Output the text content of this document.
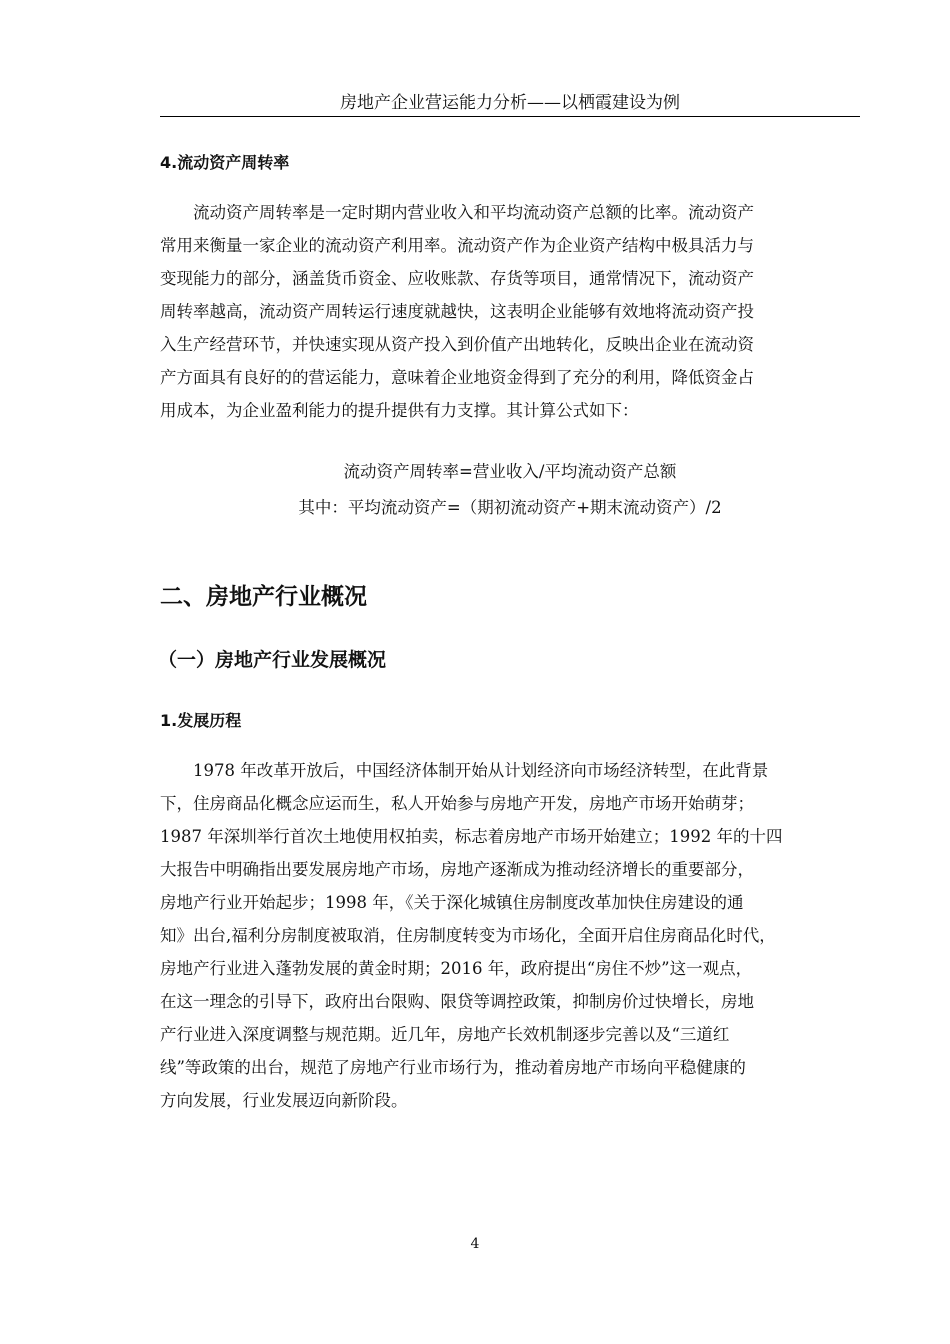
房地产企业营运能力分析——以栖霞建设为例
4.流动资产周转率
　　流动资产周转率是一定时期内营业收入和平均流动资产总额的比率。流动资产
常用来衡量一家企业的流动资产利用率。流动资产作为企业资产结构中极具活力与
变现能力的部分，涵盖货币资金、应收账款、存货等项目，通常情况下，流动资产
周转率越高，流动资产周转运行速度就越快，这表明企业能够有效地将流动资产投
入生产经营环节，并快速实现从资产投入到价值产出地转化，反映出企业在流动资
产方面具有良好的的营运能力，意味着企业地资金得到了充分的利用，降低资金占
用成本，为企业盈利能力的提升提供有力支撑。其计算公式如下：
流动资产周转率=营业收入/平均流动资产总额
其中：平均流动资产=（期初流动资产+期末流动资产）/2
二、房地产行业概况
（一）房地产行业发展概况
1.发展历程
　　1978 年改革开放后，中国经济体制开始从计划经济向市场经济转型，在此背景
下，住房商品化概念应运而生，私人开始参与房地产开发，房地产市场开始萌芽；
1987 年深圳举行首次土地使用权拍卖，标志着房地产市场开始建立；1992 年的十四
大报告中明确指出要发展房地产市场，房地产逐渐成为推动经济增长的重要部分，
房地产行业开始起步；1998 年，《关于深化城镇住房制度改革加快住房建设的通
知》出台,福利分房制度被取消，住房制度转变为市场化，全面开启住房商品化时代，
房地产行业进入蓬勃发展的黄金时期；2016 年，政府提出“房住不炒”这一观点，
在这一理念的引导下，政府出台限购、限贷等调控政策，抑制房价过快增长，房地
产行业进入深度调整与规范期。近几年，房地产长效机制逐步完善以及“三道红
线”等政策的出台，规范了房地产行业市场行为，推动着房地产市场向平稳健康的
方向发展，行业发展迈向新阶段。
4
